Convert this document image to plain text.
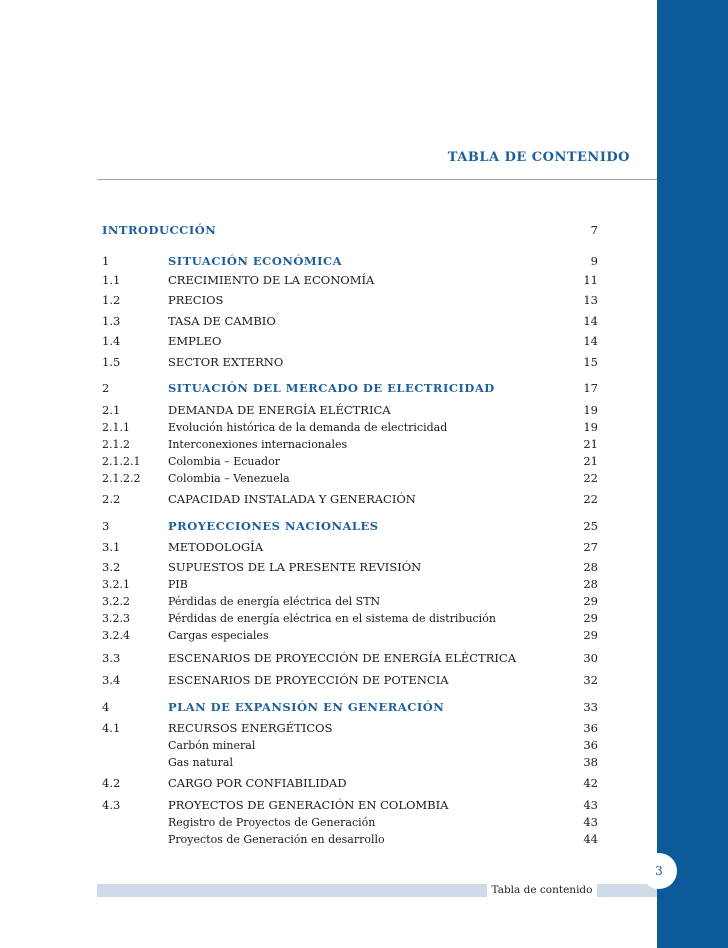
TABLA DE CONTENIDO
INTRODUCCIÓN	7
1	SITUACIÓN ECONÓMICA	9
1.1	CRECIMIENTO DE LA ECONOMÍA	11
1.2	PRECIOS	13
1.3	TASA DE CAMBIO	14
1.4	EMPLEO	14
1.5	SECTOR EXTERNO	15
2	SITUACIÓN DEL MERCADO DE ELECTRICIDAD	17
2.1	DEMANDA DE ENERGÍA ELÉCTRICA	19
2.1.1	Evolución histórica de la demanda de electricidad	19
2.1.2	Interconexiones internacionales	21
2.1.2.1	Colombia – Ecuador	21
2.1.2.2	Colombia – Venezuela	22
2.2	CAPACIDAD INSTALADA Y GENERACIÓN	22
3	PROYECCIONES NACIONALES	25
3.1	METODOLOGÍA	27
3.2	SUPUESTOS DE LA PRESENTE REVISIÓN	28
3.2.1	PIB	28
3.2.2	Pérdidas de energía eléctrica del STN	29
3.2.3	Pérdidas de energía eléctrica en el sistema de distribución	29
3.2.4	Cargas especiales	29
3.3	ESCENARIOS DE PROYECCIÓN DE ENERGÍA ELÉCTRICA	30
3.4	ESCENARIOS DE PROYECCIÓN DE POTENCIA	32
4	PLAN DE EXPANSIÓN EN GENERACIÓN	33
4.1	RECURSOS ENERGÉTICOS	36
Carbón mineral	36
Gas natural	38
4.2	CARGO POR CONFIABILIDAD	42
4.3	PROYECTOS DE GENERACIÓN EN COLOMBIA	43
Registro de Proyectos de Generación	43
Proyectos de Generación en desarrollo	44
Tabla de contenido
3
